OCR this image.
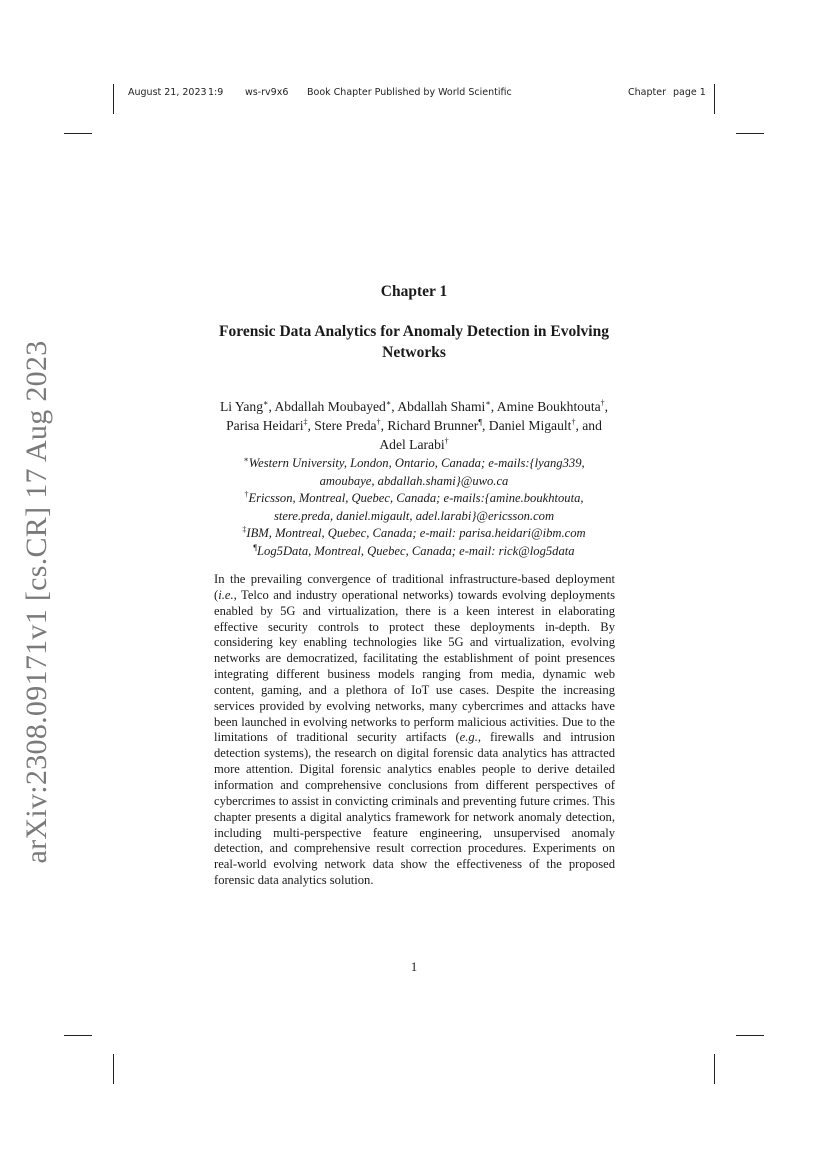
August 21, 2023 1:9 ws-rv9x6 Book Chapter Published by World Scientific	Chapter page 1
arXiv:2308.09171v1 [cs.CR] 17 Aug 2023
Chapter 1
Forensic Data Analytics for Anomaly Detection in Evolving Networks
Li Yang∗, Abdallah Moubayed∗, Abdallah Shami∗, Amine Boukhtouta†,
Parisa Heidari‡, Stere Preda†, Richard Brunner¶, Daniel Migault†, and
Adel Larabi†

∗Western University, London, Ontario, Canada; e-mails:{lyang339,

amoubaye, abdallah.shami}@uwo.ca

†Ericsson, Montreal, Quebec, Canada; e-mails:{amine.boukhtouta,

stere.preda, daniel.migault, adel.larabi}@ericsson.com

‡IBM, Montreal, Quebec, Canada; e-mail: parisa.heidari@ibm.com

¶Log5Data, Montreal, Quebec, Canada; e-mail: rick@log5data

In the prevailing convergence of traditional infrastructure-based deployment (i.e., Telco and industry operational networks) towards evolving deployments enabled by 5G and virtualization, there is a keen interest in elaborating effective security controls to protect these deployments in-depth. By considering key enabling technologies like 5G and virtualization, evolving networks are democratized, facilitating the establishment of point presences integrating different business models ranging from media, dynamic web content, gaming, and a plethora of IoT use cases. Despite the increasing services provided by evolving networks, many cybercrimes and attacks have been launched in evolving networks to perform malicious activities. Due to the limitations of traditional security artifacts (e.g., firewalls and intrusion detection systems), the research on digital forensic data analytics has attracted more attention. Digital forensic analytics enables people to derive detailed information and comprehensive conclusions from different perspectives of cybercrimes to assist in convicting criminals and preventing future crimes. This chapter presents a digital analytics framework for network anomaly detection, including multi-perspective feature engineering, unsupervised anomaly detection, and comprehensive result correction procedures. Experiments on real-world evolving network data show the effectiveness of the proposed forensic data analytics solution.
1
